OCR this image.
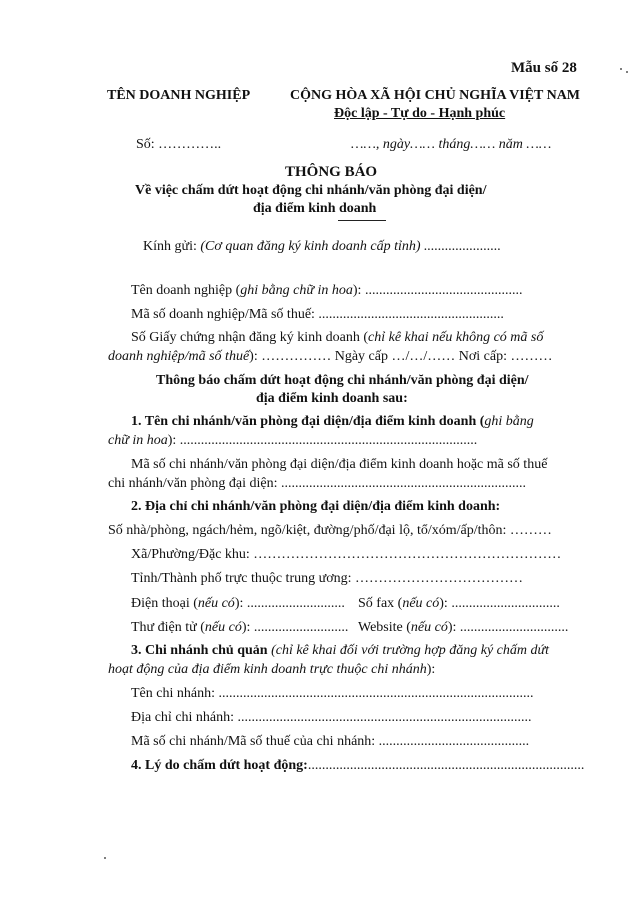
Mẫu số 28
TÊN DOANH NGHIỆP	CỘNG HÒA XÃ HỘI CHỦ NGHĨA VIỆT NAM
Độc lập - Tự do - Hạnh phúc
Số: …………..	……, ngày…… tháng…… năm ……
THÔNG BÁO
Về việc chấm dứt hoạt động chi nhánh/văn phòng đại diện/
địa điểm kinh doanh
Kính gửi: (Cơ quan đăng ký kinh doanh cấp tỉnh) ......................
Tên doanh nghiệp (ghi bằng chữ in hoa): .............................................
Mã số doanh nghiệp/Mã số thuế: .....................................................
Số Giấy chứng nhận đăng ký kinh doanh (chỉ kê khai nếu không có mã số
doanh nghiệp/mã số thuế): …………… Ngày cấp …/…/…… Nơi cấp: ………
Thông báo chấm dứt hoạt động chi nhánh/văn phòng đại diện/
địa điểm kinh doanh sau:
1. Tên chi nhánh/văn phòng đại diện/địa điểm kinh doanh (ghi bằng
chữ in hoa): .....................................................................................
Mã số chi nhánh/văn phòng đại diện/địa điểm kinh doanh hoặc mã số thuế
chi nhánh/văn phòng đại diện: ......................................................................
2. Địa chỉ chi nhánh/văn phòng đại diện/địa điểm kinh doanh:
Số nhà/phòng, ngách/hẻm, ngõ/kiệt, đường/phố/đại lộ, tổ/xóm/ấp/thôn: ………
Xã/Phường/Đặc khu: …………………………………………………………
Tỉnh/Thành phố trực thuộc trung ương: ………………………………
Điện thoại (nếu có): ............................ Số fax (nếu có): ...............................
Thư điện tử (nếu có): ........................... Website (nếu có): ...............................
3. Chi nhánh chủ quản (chỉ kê khai đối với trường hợp đăng ký chấm dứt
hoạt động của địa điểm kinh doanh trực thuộc chi nhánh):
Tên chi nhánh: ..........................................................................................
Địa chỉ chi nhánh: ....................................................................................
Mã số chi nhánh/Mã số thuế của chi nhánh: ...........................................
4. Lý do chấm dứt hoạt động:...............................................................................
